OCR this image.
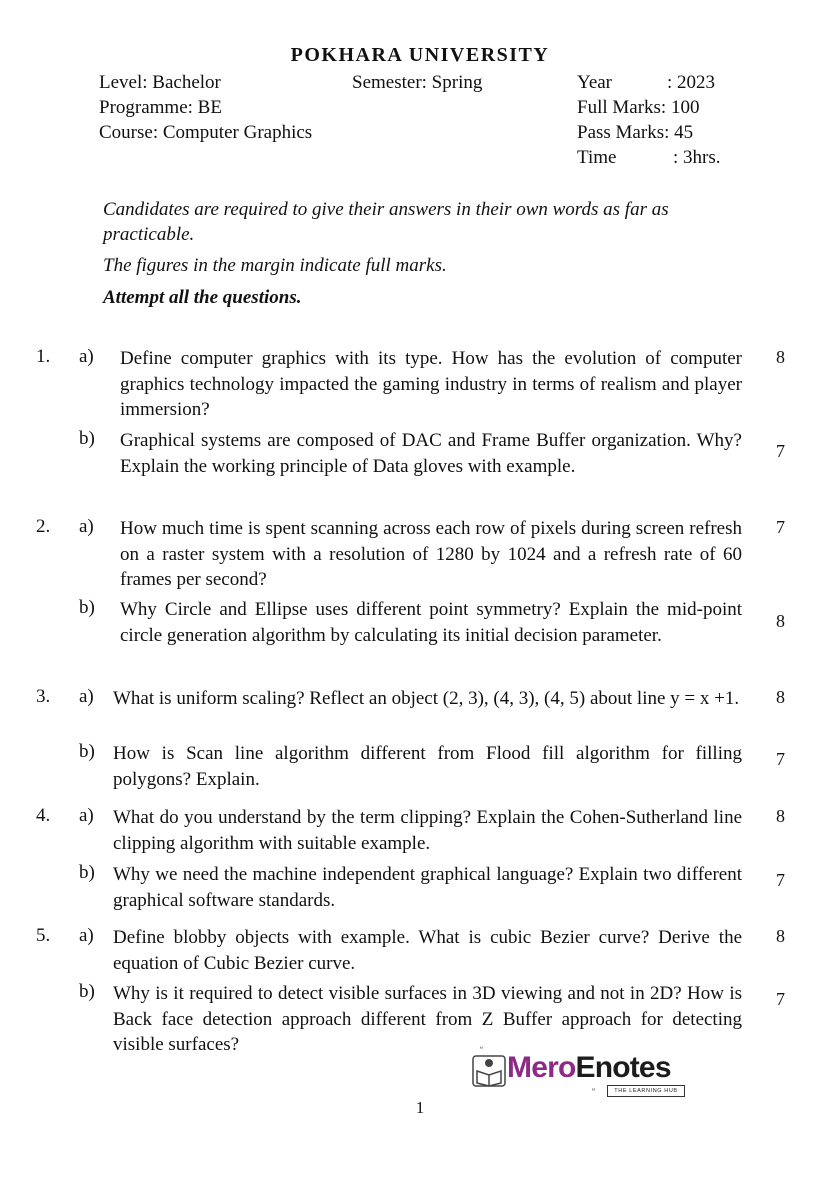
POKHARA UNIVERSITY
Level: Bachelor	Semester: Spring	Year	: 2023
Programme: BE	Full Marks: 100
Course: Computer Graphics	Pass Marks: 45
Time	: 3hrs.
Candidates are required to give their answers in their own words as far as practicable.
The figures in the margin indicate full marks.
Attempt all the questions.
1. a) Define computer graphics with its type. How has the evolution of computer graphics technology impacted the gaming industry in terms of realism and player immersion?
8
b) Graphical systems are composed of DAC and Frame Buffer organization. Why? Explain the working principle of Data gloves with example.
7
2. a) How much time is spent scanning across each row of pixels during screen refresh on a raster system with a resolution of 1280 by 1024 and a refresh rate of 60 frames per second?
7
b) Why Circle and Ellipse uses different point symmetry? Explain the mid-point circle generation algorithm by calculating its initial decision parameter.
8
3. a) What is uniform scaling? Reflect an object (2, 3), (4, 3), (4, 5) about line y = x +1. 8
b) How is Scan line algorithm different from Flood fill algorithm for filling polygons? Explain.
7
4. a) What do you understand by the term clipping? Explain the Cohen-Sutherland line clipping algorithm with suitable example.
8
b) Why we need the machine independent graphical language? Explain two different graphical software standards.
7
5. a) Define blobby objects with example. What is cubic Bezier curve? Derive the equation of Cubic Bezier curve.
8
b) Why is it required to detect visible surfaces in 3D viewing and not in 2D? How is Back face detection approach different from Z Buffer approach for detecting visible surfaces?
7
“
”
MeroEnotes
THE LEARNING HUB
1
